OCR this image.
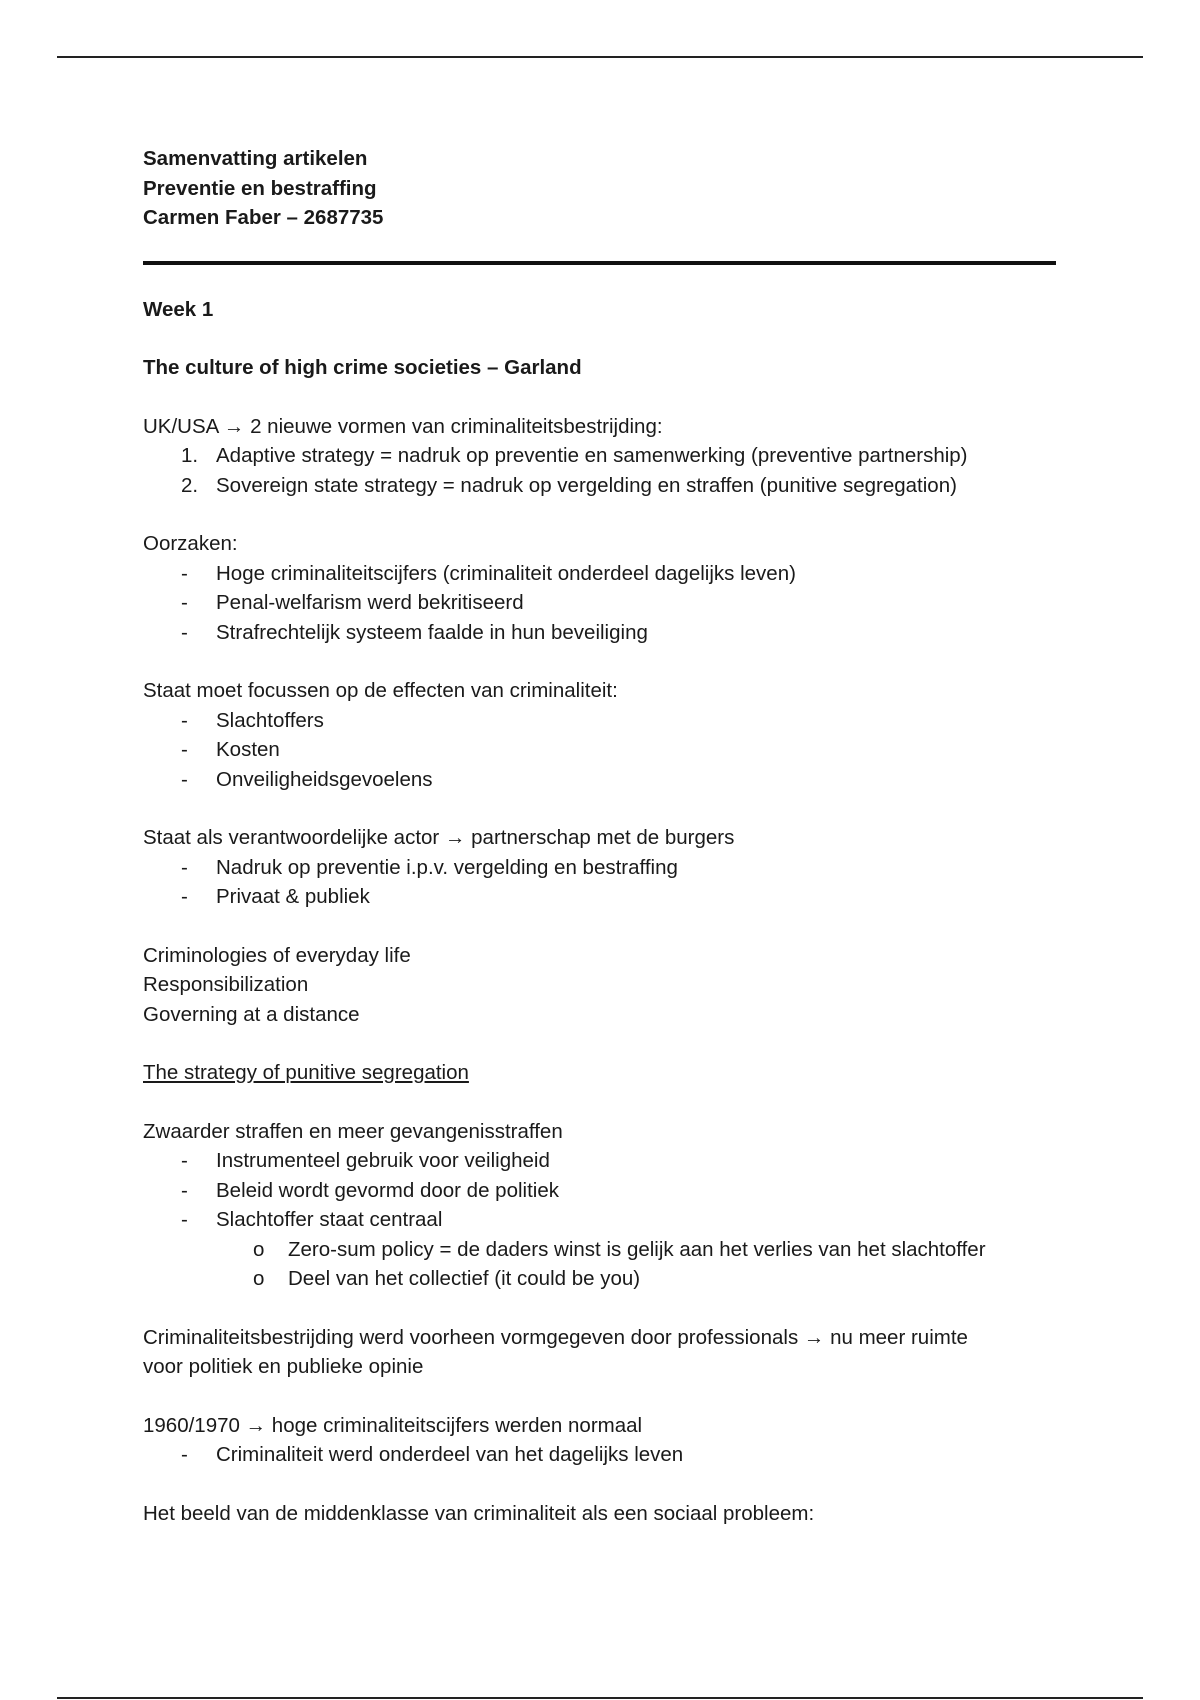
Samenvatting artikelen

Preventie en bestraffing

Carmen Faber – 2687735

Week 1

The culture of high crime societies – Garland

UK/USA → 2 nieuwe vormen van criminaliteitsbestrijding:

1. Adaptive strategy = nadruk op preventie en samenwerking (preventive partnership)
2. Sovereign state strategy = nadruk op vergelding en straffen (punitive segregation)

Oorzaken:

-	Hoge criminaliteitscijfers (criminaliteit onderdeel dagelijks leven)
-	Penal-welfarism werd bekritiseerd
-	Strafrechtelijk systeem faalde in hun beveiliging

Staat moet focussen op de effecten van criminaliteit:

-	Slachtoffers
-	Kosten
-	Onveiligheidsgevoelens

Staat als verantwoordelijke actor → partnerschap met de burgers

-	Nadruk op preventie i.p.v. vergelding en bestraffing
-	Privaat & publiek

Criminologies of everyday life

Responsibilization

Governing at a distance

The strategy of punitive segregation

Zwaarder straffen en meer gevangenisstraffen

-	Instrumenteel gebruik voor veiligheid
-	Beleid wordt gevormd door de politiek
-	Slachtoffer staat centraal
o	Zero-sum policy = de daders winst is gelijk aan het verlies van het slachtoffer
o	Deel van het collectief (it could be you)

Criminaliteitsbestrijding werd voorheen vormgegeven door professionals → nu meer ruimte

voor politiek en publieke opinie

1960/1970 → hoge criminaliteitscijfers werden normaal

-	Criminaliteit werd onderdeel van het dagelijks leven

Het beeld van de middenklasse van criminaliteit als een sociaal probleem:
